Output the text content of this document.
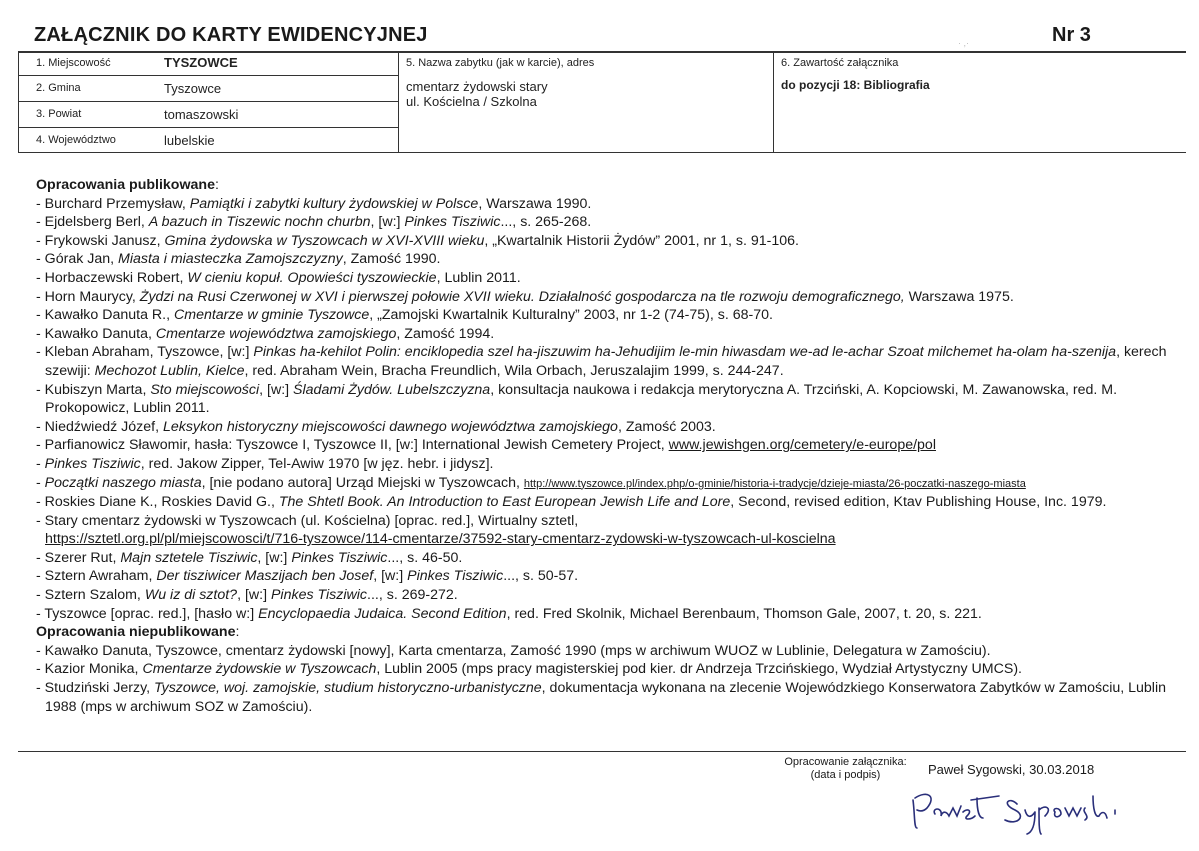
ZAŁĄCZNIK DO KARTY EWIDENCYJNEJ	Nr 3
· ,·
1. Miejscowość	TYSZOWCE
2. Gmina	Tyszowce
3. Powiat	tomaszowski
4. Województwo	lubelskie
5. Nazwa zabytku (jak w karcie), adres
cmentarz żydowski stary
ul. Kościelna / Szkolna
6. Zawartość załącznika
do pozycji 18: Bibliografia
Opracowania publikowane:
- Burchard Przemysław, Pamiątki i zabytki kultury żydowskiej w Polsce, Warszawa 1990.
- Ejdelsberg Berl, A bazuch in Tiszewic nochn churbn, [w:] Pinkes Tisziwic..., s. 265-268.
- Frykowski Janusz, Gmina żydowska w Tyszowcach w XVI-XVIII wieku, „Kwartalnik Historii Żydów” 2001, nr 1, s. 91-106.
- Górak Jan, Miasta i miasteczka Zamojszczyzny, Zamość 1990.
- Horbaczewski Robert, W cieniu kopuł. Opowieści tyszowieckie, Lublin 2011.
- Horn Maurycy, Żydzi na Rusi Czerwonej w XVI i pierwszej połowie XVII wieku. Działalność gospodarcza na tle rozwoju demograficznego, Warszawa 1975.
- Kawałko Danuta R., Cmentarze w gminie Tyszowce, „Zamojski Kwartalnik Kulturalny” 2003, nr 1-2 (74-75), s. 68-70.
- Kawałko Danuta, Cmentarze województwa zamojskiego, Zamość 1994.
- Kleban Abraham, Tyszowce, [w:] Pinkas ha-kehilot Polin: enciklopedia szel ha-jiszuwim ha-Jehudijim le-min hiwasdam we-ad le-achar Szoat milchemet ha-olam ha-szenija, kerech
szewiji: Mechozot Lublin, Kielce, red. Abraham Wein, Bracha Freundlich, Wila Orbach, Jeruszalajim 1999, s. 244-247.
- Kubiszyn Marta, Sto miejscowości, [w:] Śladami Żydów. Lubelszczyzna, konsultacja naukowa i redakcja merytoryczna A. Trzciński, A. Kopciowski, M. Zawanowska, red. M.
Prokopowicz, Lublin 2011.
- Niedźwiedź Józef, Leksykon historyczny miejscowości dawnego województwa zamojskiego, Zamość 2003.
- Parfianowicz Sławomir, hasła: Tyszowce I, Tyszowce II, [w:] International Jewish Cemetery Project, www.jewishgen.org/cemetery/e-europe/pol
- Pinkes Tisziwic, red. Jakow Zipper, Tel-Awiw 1970 [w jęz. hebr. i jidysz].
- Początki naszego miasta, [nie podano autora] Urząd Miejski w Tyszowcach, http://www.tyszowce.pl/index.php/o-gminie/historia-i-tradycje/dzieje-miasta/26-poczatki-naszego-miasta
- Roskies Diane K., Roskies David G., The Shtetl Book. An Introduction to East European Jewish Life and Lore, Second, revised edition, Ktav Publishing House, Inc. 1979.
- Stary cmentarz żydowski w Tyszowcach (ul. Kościelna) [oprac. red.], Wirtualny sztetl,
https://sztetl.org.pl/pl/miejscowosci/t/716-tyszowce/114-cmentarze/37592-stary-cmentarz-zydowski-w-tyszowcach-ul-koscielna
- Szerer Rut, Majn sztetele Tisziwic, [w:] Pinkes Tisziwic..., s. 46-50.
- Sztern Awraham, Der tisziwicer Maszijach ben Josef, [w:] Pinkes Tisziwic..., s. 50-57.
- Sztern Szalom, Wu iz di sztot?, [w:] Pinkes Tisziwic..., s. 269-272.
- Tyszowce [oprac. red.], [hasło w:] Encyclopaedia Judaica. Second Edition, red. Fred Skolnik, Michael Berenbaum, Thomson Gale, 2007, t. 20, s. 221.
Opracowania niepublikowane:
- Kawałko Danuta, Tyszowce, cmentarz żydowski [nowy], Karta cmentarza, Zamość 1990 (mps w archiwum WUOZ w Lublinie, Delegatura w Zamościu).
- Kazior Monika, Cmentarze żydowskie w Tyszowcach, Lublin 2005 (mps pracy magisterskiej pod kier. dr Andrzeja Trzcińskiego, Wydział Artystyczny UMCS).
- Studziński Jerzy, Tyszowce, woj. zamojskie, studium historyczno-urbanistyczne, dokumentacja wykonana na zlecenie Wojewódzkiego Konserwatora Zabytków w Zamościu, Lublin
1988 (mps w archiwum SOZ w Zamościu).
Opracowanie załącznika:
(data i podpis)	Paweł Sygowski, 30.03.2018
